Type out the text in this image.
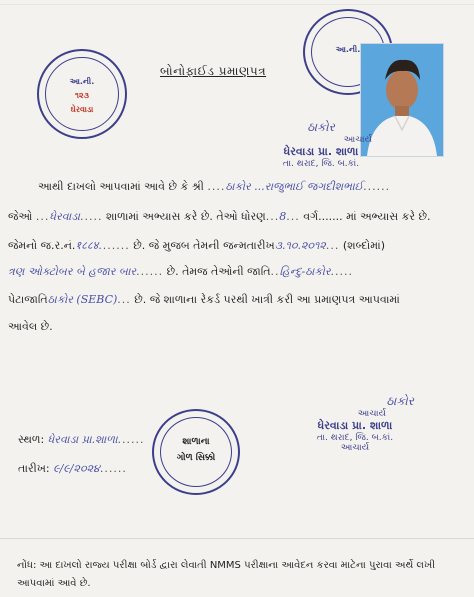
આ.ની.
૧૨૩
ઘેરવાડા
આ.ની.
બોનોફાઈડ પ્રમાણપત્ર
ઠાકોર
આચાર્ય
ધેરવાડા પ્રા. શાળા
તા. થરાદ, જિ. બ.કાં.
આથી દાખલો આપવામાં આવે છે કે શ્રી ....ઠાકોર ...રાજુભાઈ જગદીશભાઈ......
જેઓ ...ધેરવાડા..... શાળામાં અભ્યાસ કરે છે. તેઓ ધોરણ...8... વર્ગ....... માં અભ્યાસ કરે છે.
જેમનો જ.ર.નં.१८८४....... છે. જે મુજબ તેમની જન્મતારીખ૩.૧૦.૨૦૧૨... (શબ્દોમાં)
ત્રણ ઓક્ટોબર બે હજાર બાર...... છે. તેમજ તેઓની જાતિ..હિન્દુ-ઠાકોર.....
પેટાજાતિઠાકોર (SEBC)... છે. જે શાળાના રેકર્ડ પરથી ખાત્રી કરી આ પ્રમાણપત્ર આપવામાં
આવેલ છે.
ઠાકોર
આચાર્ય
ધેરવાડા પ્રા. શાળા
તા. થરાદ, જિ. બ.કાં.
આચાર્ય
શાળાના
ગોળ સિક્કો
સ્થળ: ધેરવાડા પ્રા.શાળા......
તારીખ: ૯/૯/૨૦૨૪......
નોંધ: આ દાખલો રાજ્ય પરીક્ષા બોર્ડ દ્વારા લેવાતી NMMS પરીક્ષાના આવેદન કરવા માટેના પુરાવા અર્થે લખી આપવામાં આવે છે.
